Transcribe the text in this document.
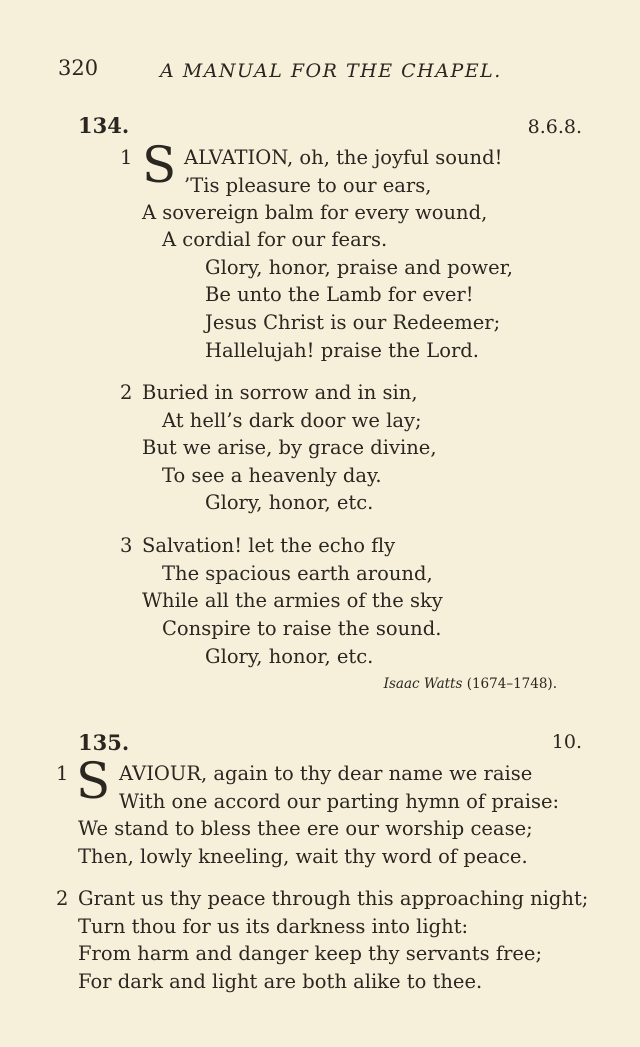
320	A MANUAL FOR THE CHAPEL.
134.	8.6.8.
1 S ALVATION, oh, the joyful sound!
’Tis pleasure to our ears,
A sovereign balm for every wound,
A cordial for our fears.
Glory, honor, praise and power,
Be unto the Lamb for ever!
Jesus Christ is our Redeemer;
Hallelujah! praise the Lord.
2 Buried in sorrow and in sin,
At hell’s dark door we lay;
But we arise, by grace divine,
To see a heavenly day.
Glory, honor, etc.
3 Salvation! let the echo fly
The spacious earth around,
While all the armies of the sky
Conspire to raise the sound.
Glory, honor, etc.
Isaac Watts (1674–1748).
135.	10.
1 S AVIOUR, again to thy dear name we raise
With one accord our parting hymn of praise:
We stand to bless thee ere our worship cease;
Then, lowly kneeling, wait thy word of peace.
2 Grant us thy peace through this approaching night;
Turn thou for us its darkness into light:
From harm and danger keep thy servants free;
For dark and light are both alike to thee.
